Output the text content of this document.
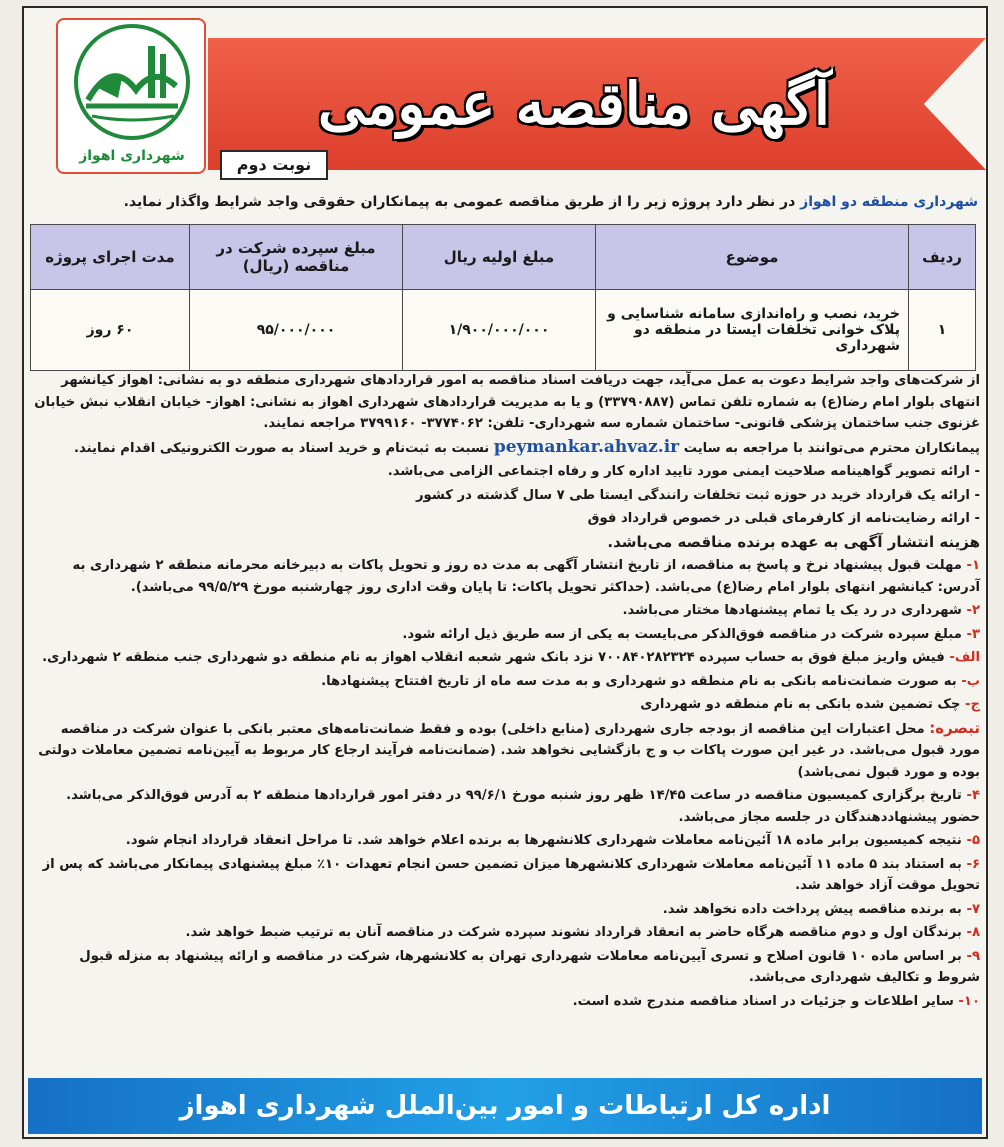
آگهی مناقصه عمومی
شهرداری اهواز	نوبت دوم
شهرداری منطقه دو اهواز در نظر دارد پروژه زیر را از طریق مناقصه عمومی به پیمانکاران حقوقی واجد شرایط واگذار نماید.
ردیف	موضوع	مبلغ اولیه ریال	مبلغ سپرده شرکت در مناقصه (ریال)	مدت اجرای پروژه
۱	خرید، نصب و راه‌اندازی سامانه شناسایی و پلاک خوانی تخلفات ایستا در منطقه دو شهرداری	۱/۹۰۰/۰۰۰/۰۰۰	۹۵/۰۰۰/۰۰۰	۶۰ روز

از شرکت‌های واجد شرایط دعوت به عمل می‌آید، جهت دریافت اسناد مناقصه به امور قراردادهای شهرداری منطقه دو به نشانی: اهواز کیانشهر انتهای بلوار امام رضا(ع) به شماره تلفن تماس (۳۳۷۹۰۸۸۷) و یا به مدیریت قراردادهای شهرداری اهواز به نشانی: اهواز- خیابان انقلاب نبش خیابان غزنوی جنب ساختمان پزشکی قانونی- ساختمان شماره سه شهرداری- تلفن: ۳۷۷۴۰۶۲- ۳۷۹۹۱۶۰ مراجعه نمایند.

پیمانکاران محترم می‌توانند با مراجعه به سایت peymankar.ahvaz.ir نسبت به ثبت‌نام و خرید اسناد به صورت الکترونیکی اقدام نمایند.

- ارائه تصویر گواهینامه صلاحیت ایمنی مورد تایید اداره کار و رفاه اجتماعی الزامی می‌باشد.

- ارائه یک قرارداد خرید در حوزه ثبت تخلفات رانندگی ایستا طی ۷ سال گذشته در کشور

- ارائه رضایت‌نامه از کارفرمای قبلی در خصوص قرارداد فوق

هزینه انتشار آگهی به عهده برنده مناقصه می‌باشد.

۱- مهلت قبول پیشنهاد نرخ و پاسخ به مناقصه، از تاریخ انتشار آگهی به مدت ده روز و تحویل پاکات به دبیرخانه محرمانه منطقه ۲ شهرداری به آدرس: کیانشهر انتهای بلوار امام رضا(ع) می‌باشد. (حداکثر تحویل پاکات: تا پایان وقت اداری روز چهارشنبه مورخ ۹۹/۵/۲۹ می‌باشد).

۲- شهرداری در رد یک یا تمام پیشنهادها مختار می‌باشد.

۳- مبلغ سپرده شرکت در مناقصه فوق‌الذکر می‌بایست به یکی از سه طریق ذیل ارائه شود.

الف- فیش واریز مبلغ فوق به حساب سپرده ۷۰۰۸۴۰۲۸۲۳۲۴ نزد بانک شهر شعبه انقلاب اهواز به نام منطقه دو شهرداری جنب منطقه ۲ شهرداری.

ب- به صورت ضمانت‌نامه بانکی به نام منطقه دو شهرداری و به مدت سه ماه از تاریخ افتتاح پیشنهادها.

ج- چک تضمین شده بانکی به نام منطقه دو شهرداری

تبصره: محل اعتبارات این مناقصه از بودجه جاری شهرداری (منابع داخلی) بوده و فقط ضمانت‌نامه‌های معتبر بانکی با عنوان شرکت در مناقصه مورد قبول می‌باشد. در غیر این صورت پاکات ب و ج بازگشایی نخواهد شد. (ضمانت‌نامه فرآیند ارجاع کار مربوط به آیین‌نامه تضمین معاملات دولتی بوده و مورد قبول نمی‌باشد)

۴- تاریخ برگزاری کمیسیون مناقصه در ساعت ۱۴/۴۵ ظهر روز شنبه مورخ ۹۹/۶/۱ در دفتر امور قراردادها منطقه ۲ به آدرس فوق‌الذکر می‌باشد. حضور پیشنهاددهندگان در جلسه مجاز می‌باشد.

۵- نتیجه کمیسیون برابر ماده ۱۸ آئین‌نامه معاملات شهرداری کلانشهرها به برنده اعلام خواهد شد. تا مراحل انعقاد قرارداد انجام شود.

۶- به استناد بند ۵ ماده ۱۱ آئین‌نامه معاملات شهرداری کلانشهرها میزان تضمین حسن انجام تعهدات ۱۰٪ مبلغ پیشنهادی پیمانکار می‌باشد که پس از تحویل موقت آزاد خواهد شد.

۷- به برنده مناقصه پیش پرداخت داده نخواهد شد.

۸- برندگان اول و دوم مناقصه هرگاه حاضر به انعقاد قرارداد نشوند سپرده شرکت در مناقصه آنان به ترتیب ضبط خواهد شد.

۹- بر اساس ماده ۱۰ قانون اصلاح و تسری آیین‌نامه معاملات شهرداری تهران به کلانشهرها، شرکت در مناقصه و ارائه پیشنهاد به منزله قبول شروط و تکالیف شهرداری می‌باشد.

۱۰- سایر اطلاعات و جزئیات در اسناد مناقصه مندرج شده است.

اداره کل ارتباطات و امور بین‌الملل شهرداری اهواز
